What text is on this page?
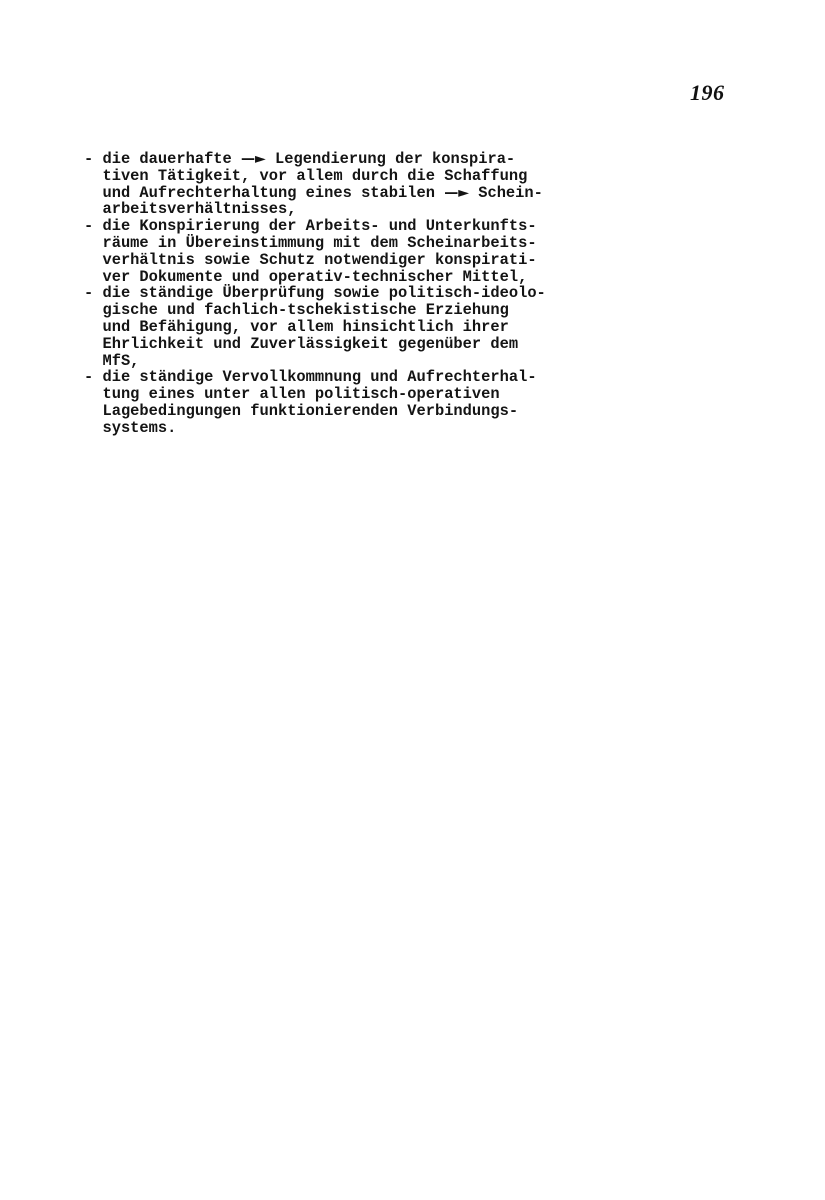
196
- die dauerhafte —► Legendierung der konspira-
tiven Tätigkeit, vor allem durch die Schaffung
und Aufrechterhaltung eines stabilen —► Schein-
arbeitsverhältnisses,
- die Konspirierung der Arbeits- und Unterkunfts-
räume in Übereinstimmung mit dem Scheinarbeits-
verhältnis sowie Schutz notwendiger konspirati-
ver Dokumente und operativ-technischer Mittel,
- die ständige Überprüfung sowie politisch-ideolo-
gische und fachlich-tschekistische Erziehung
und Befähigung, vor allem hinsichtlich ihrer
Ehrlichkeit und Zuverlässigkeit gegenüber dem
MfS,
- die ständige Vervollkommnung und Aufrechterhal-
tung eines unter allen politisch-operativen
Lagebedingungen funktionierenden Verbindungs-
systems.
